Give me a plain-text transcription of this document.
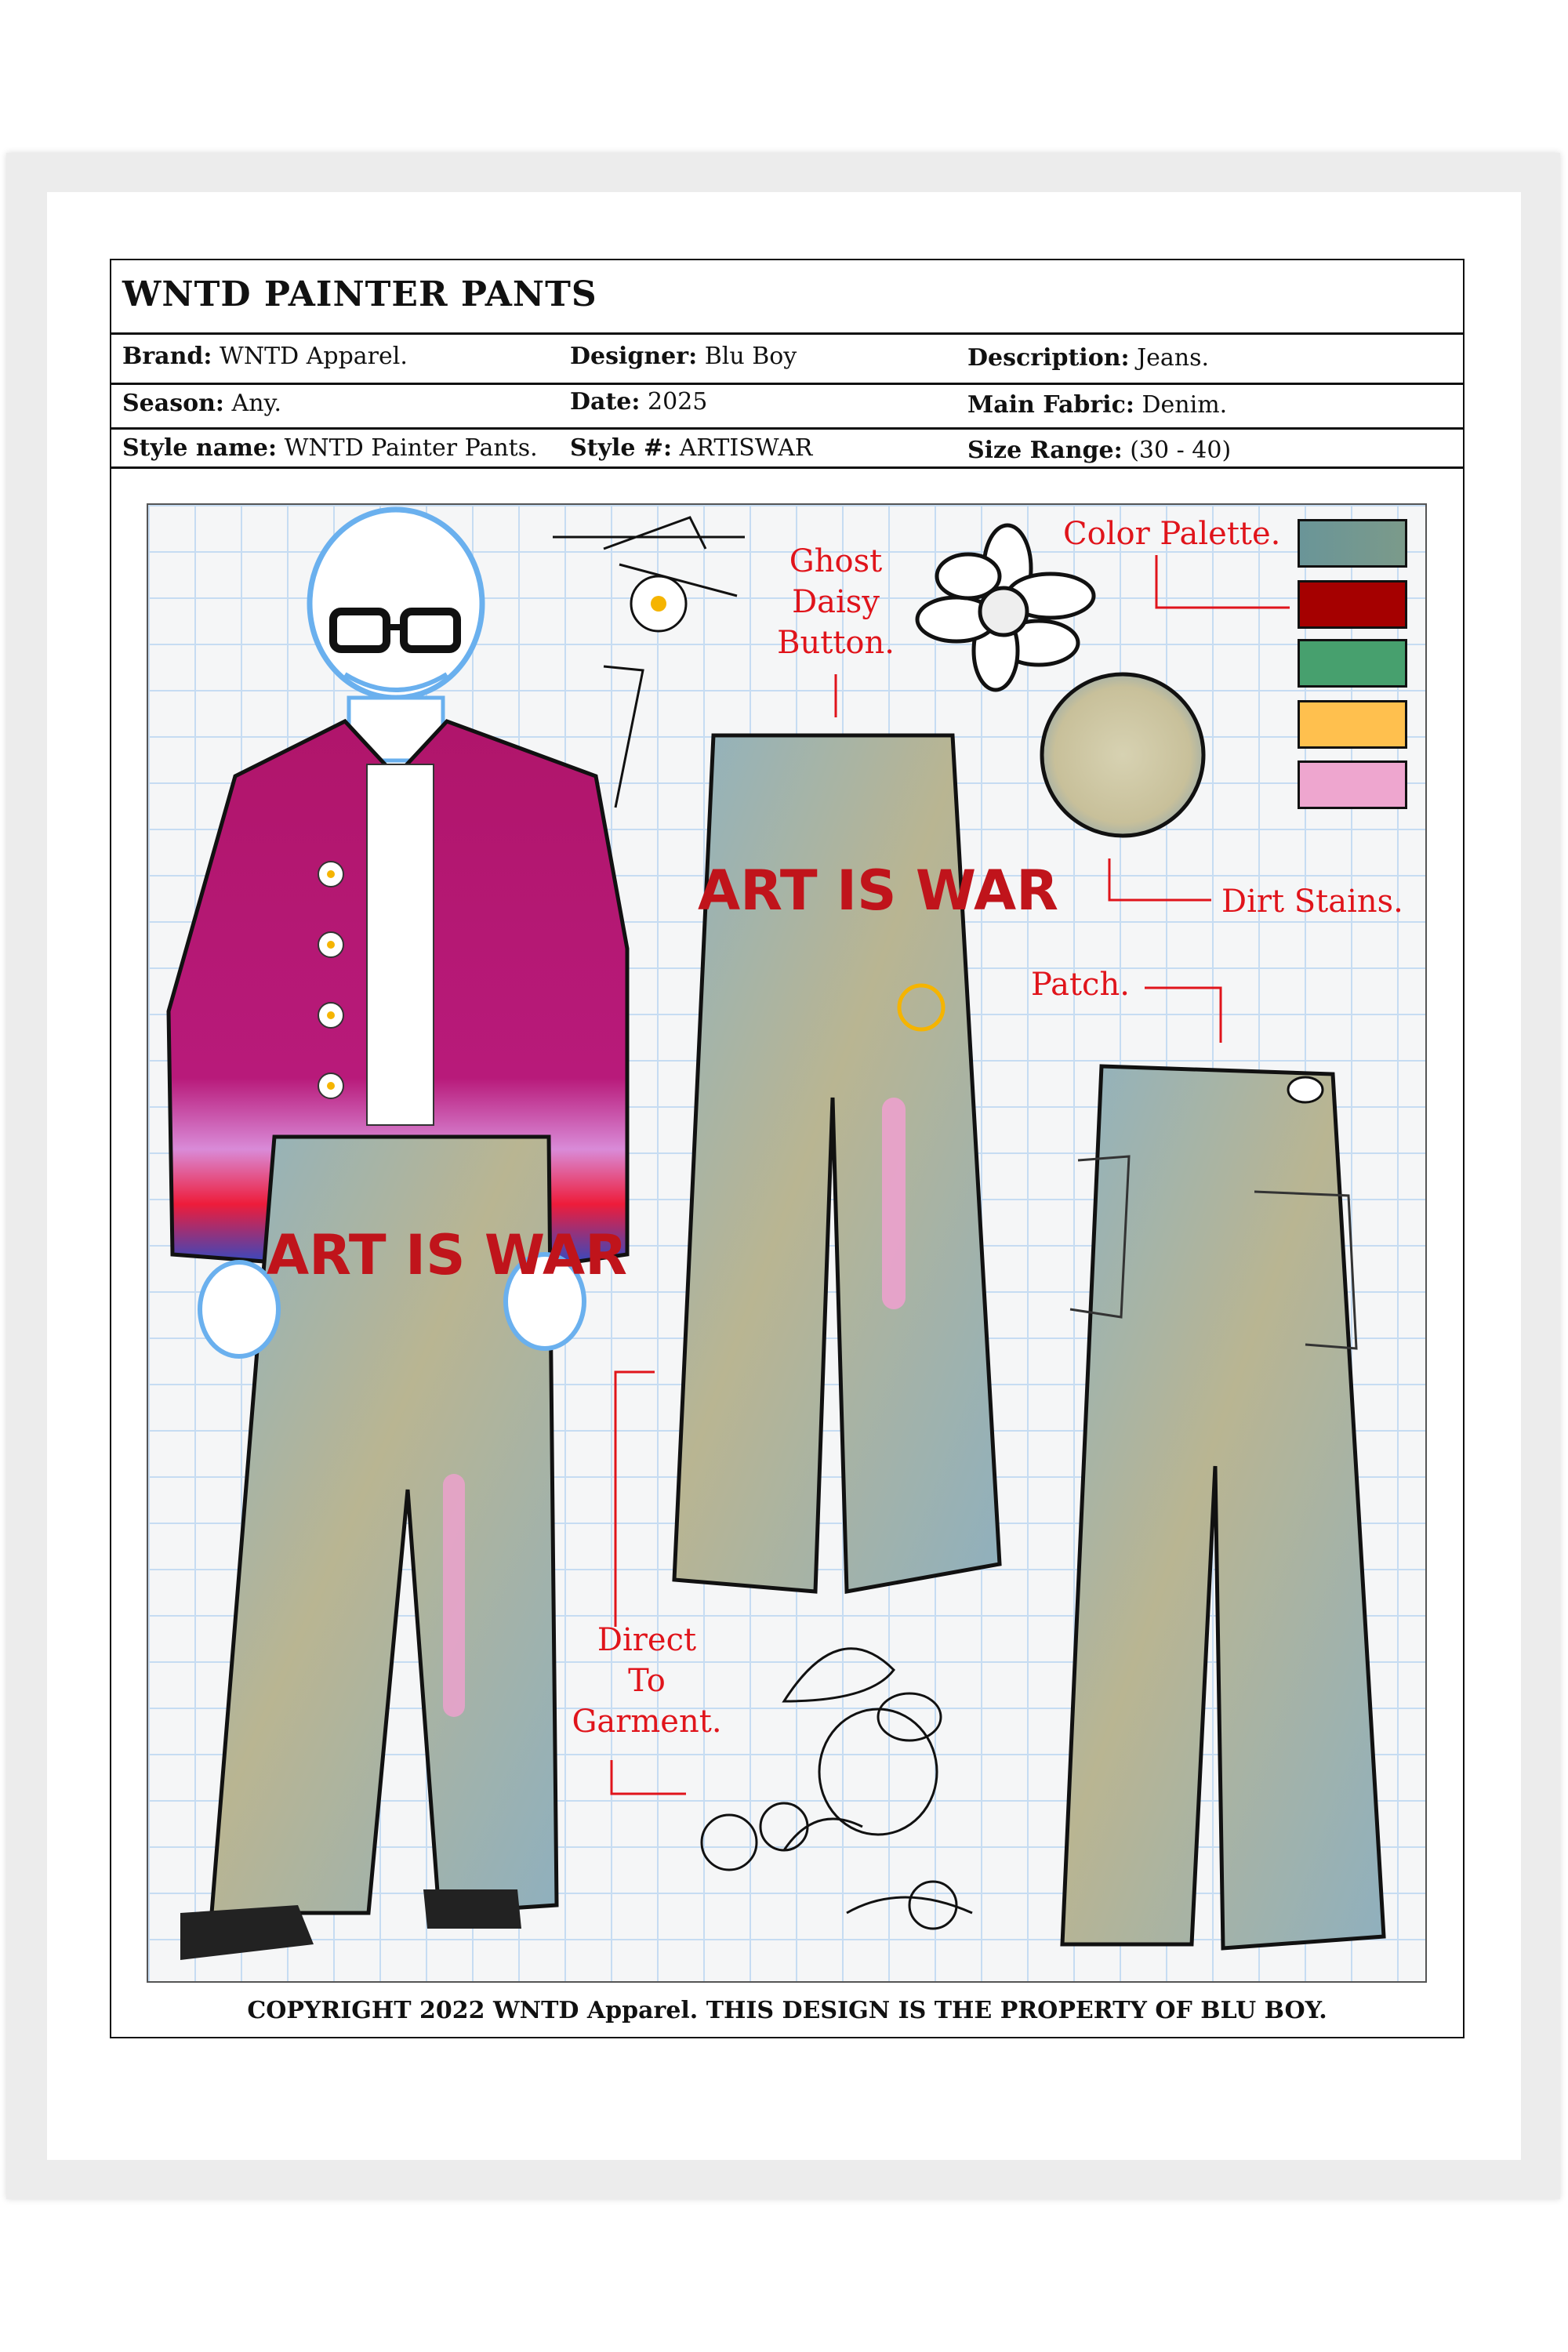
WNTD PAINTER PANTS
Brand: WNTD Apparel.	Designer: Blu Boy	Description: Jeans.
Season: Any.	Date: 2025	Main Fabric: Denim.
Style name: WNTD Painter Pants. Style #: ARTISWAR	Size Range: (30 - 40)
COPYRIGHT 2022 WNTD Apparel. THIS DESIGN IS THE PROPERTY OF BLU BOY.
ART IS WAR
ART IS WAR
Color Palette.
Ghost
Daisy
Button.
Dirt Stains.
Patch.
Direct
To
Garment.
